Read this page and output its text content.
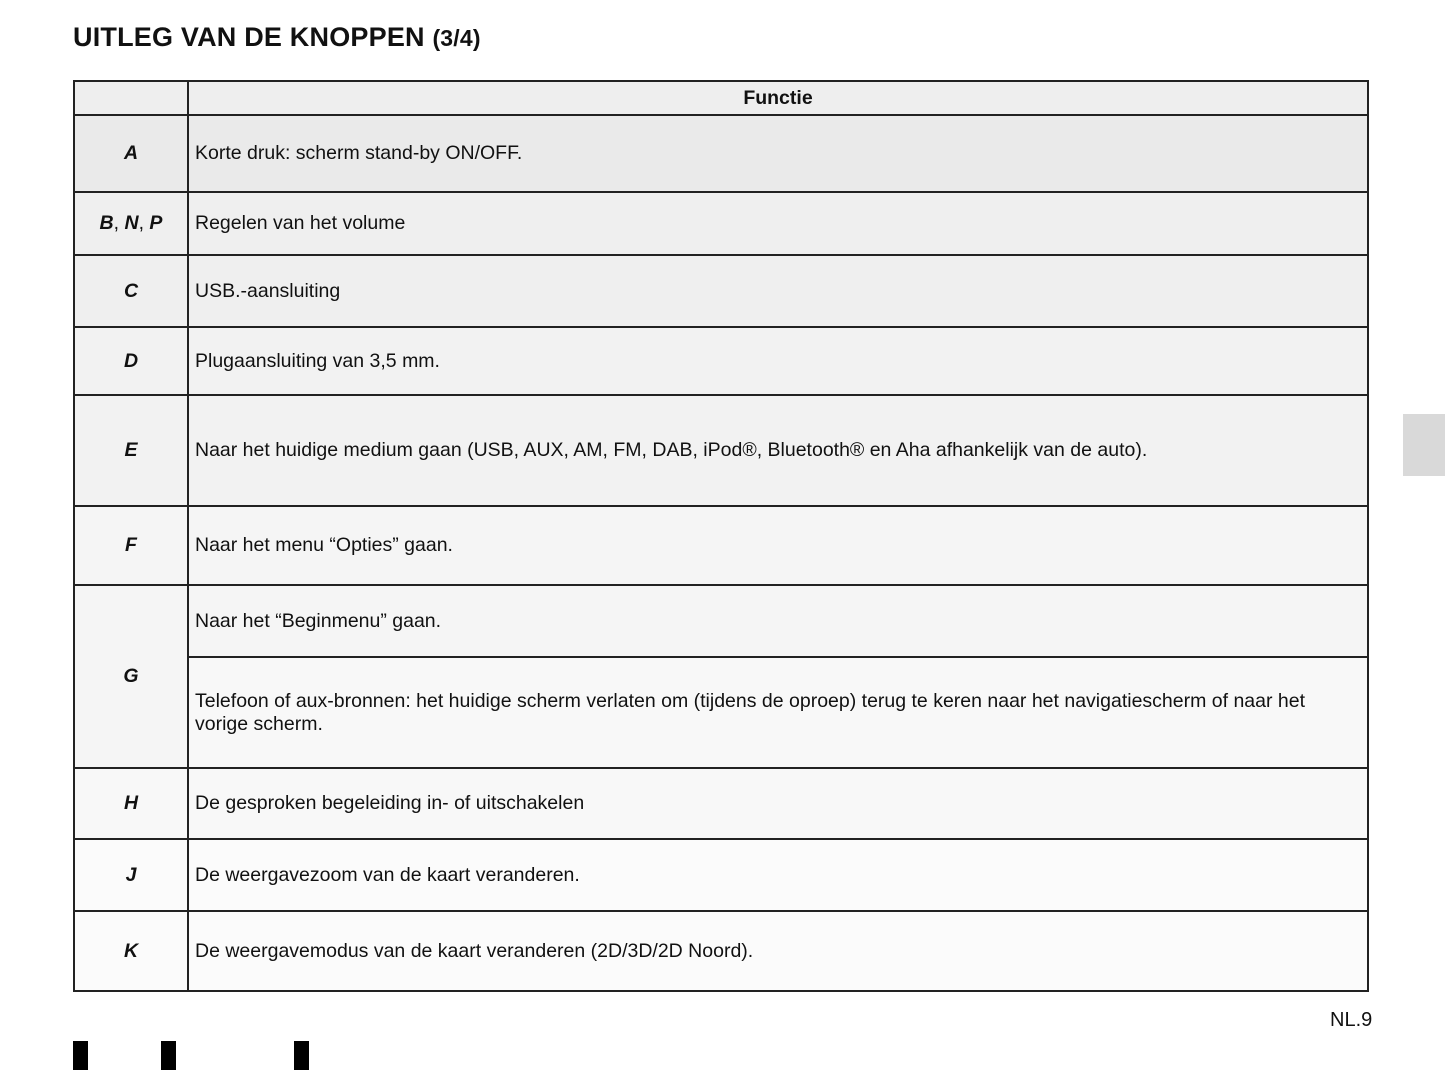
UITLEG VAN DE KNOPPEN (3/4)
	Functie
A	Korte druk: scherm stand-by ON/OFF.
B, N, P	Regelen van het volume
C	USB.-aansluiting
D	Plugaansluiting van 3,5 mm.
E	Naar het huidige medium gaan (USB, AUX, AM, FM, DAB, iPod®, Bluetooth® en Aha afhankelijk van de auto).
F	Naar het menu “Opties” gaan.
G	Naar het “Beginmenu” gaan.
	Telefoon of aux-bronnen: het huidige scherm verlaten om (tijdens de oproep) terug te keren naar het navigatiescherm of naar het vorige scherm.
H	De gesproken begeleiding in- of uitschakelen
J	De weergavezoom van de kaart veranderen.
K	De weergavemodus van de kaart veranderen (2D/3D/2D Noord).
NL.9
